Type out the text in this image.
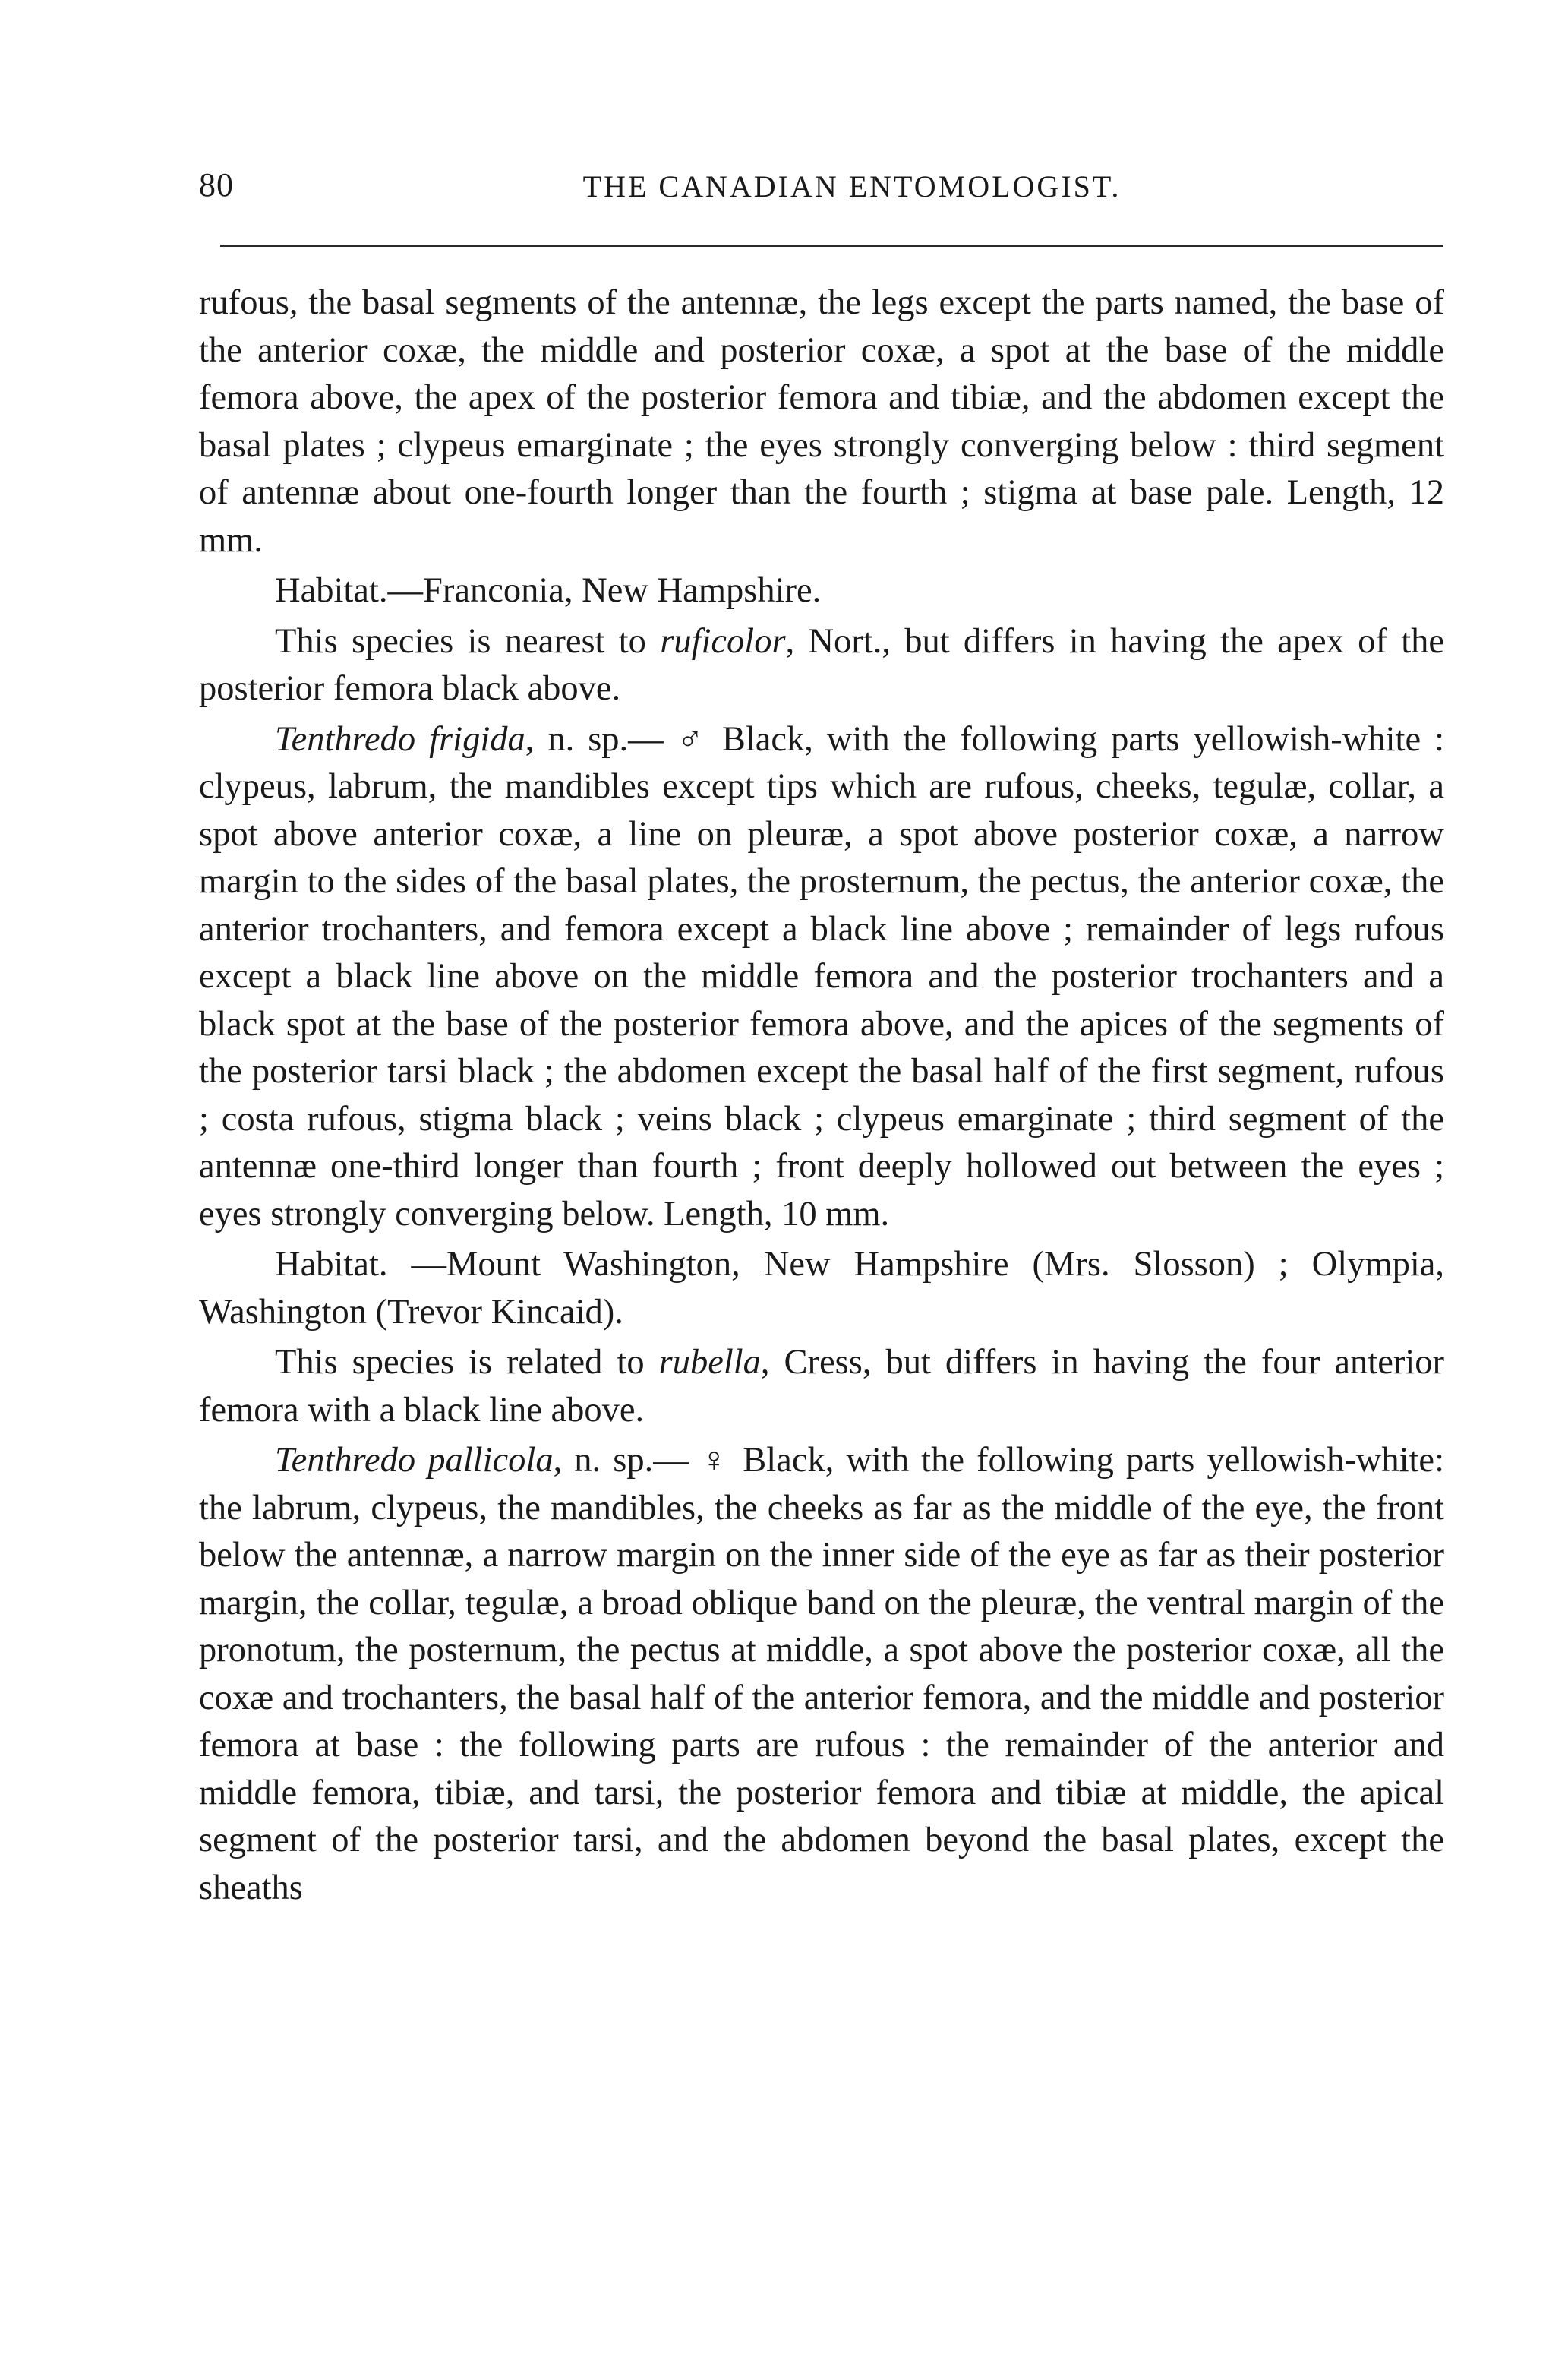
80	THE CANADIAN ENTOMOLOGIST.

rufous, the basal segments of the antennæ, the legs except the parts named, the base of the anterior coxæ, the middle and posterior coxæ, a spot at the base of the middle femora above, the apex of the posterior femora and tibiæ, and the abdomen except the basal plates ; clypeus emarginate ; the eyes strongly converging below : third segment of antennæ about one-fourth longer than the fourth ; stigma at base pale. Length, 12 mm.

Habitat.—Franconia, New Hampshire.

This species is nearest to ruficolor, Nort., but differs in having the apex of the posterior femora black above.

Tenthredo frigida, n. sp.— ♂ Black, with the following parts yellowish-white : clypeus, labrum, the mandibles except tips which are rufous, cheeks, tegulæ, collar, a spot above anterior coxæ, a line on pleuræ, a spot above posterior coxæ, a narrow margin to the sides of the basal plates, the prosternum, the pectus, the anterior coxæ, the anterior trochanters, and femora except a black line above ; remainder of legs rufous except a black line above on the middle femora and the posterior trochanters and a black spot at the base of the posterior femora above, and the apices of the segments of the posterior tarsi black ; the abdomen except the basal half of the first segment, rufous ; costa rufous, stigma black ; veins black ; clypeus emarginate ; third segment of the antennæ one-third longer than fourth ; front deeply hollowed out between the eyes ; eyes strongly converging below. Length, 10 mm.

Habitat. —Mount Washington, New Hampshire (Mrs. Slosson) ; Olympia, Washington (Trevor Kincaid).

This species is related to rubella, Cress, but differs in having the four anterior femora with a black line above.

Tenthredo pallicola, n. sp.— ♀ Black, with the following parts yellowish-white: the labrum, clypeus, the mandibles, the cheeks as far as the middle of the eye, the front below the antennæ, a narrow margin on the inner side of the eye as far as their posterior margin, the collar, tegulæ, a broad oblique band on the pleuræ, the ventral margin of the pronotum, the posternum, the pectus at middle, a spot above the posterior coxæ, all the coxæ and trochanters, the basal half of the anterior femora, and the middle and posterior femora at base : the following parts are rufous : the remainder of the anterior and middle femora, tibiæ, and tarsi, the posterior femora and tibiæ at middle, the apical segment of the posterior tarsi, and the abdomen beyond the basal plates, except the sheaths
